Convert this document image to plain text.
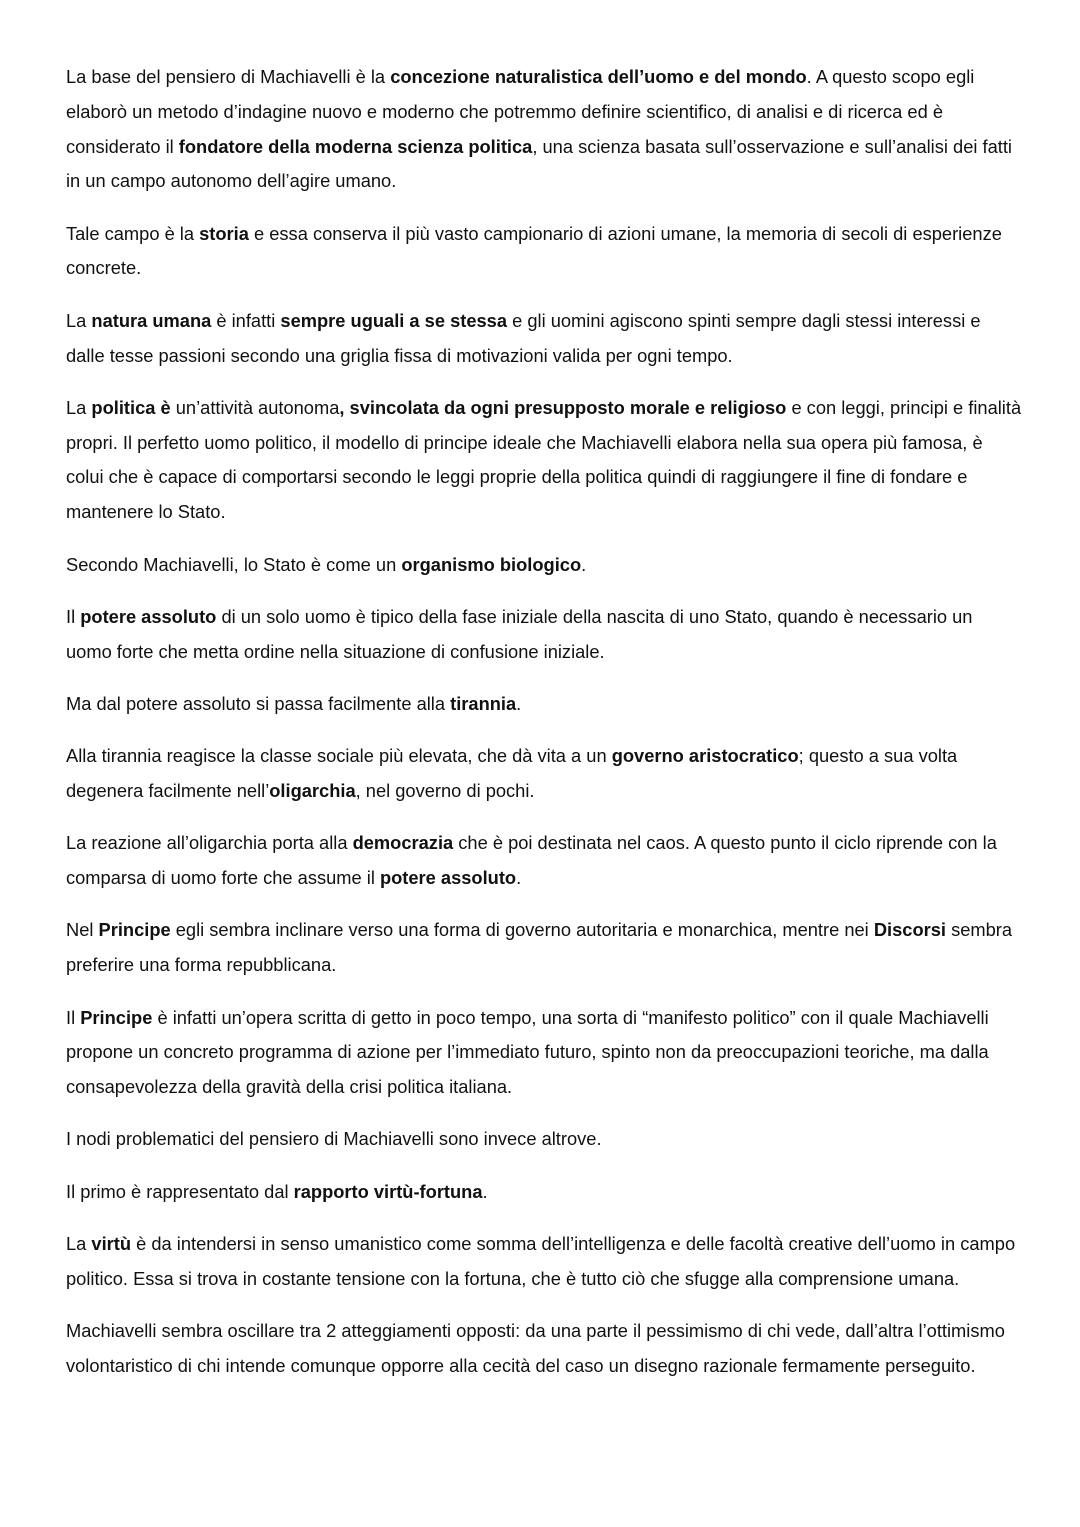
La base del pensiero di Machiavelli è la concezione naturalistica dell’uomo e del mondo. A questo scopo egli elaborò un metodo d’indagine nuovo e moderno che potremmo definire scientifico, di analisi e di ricerca ed è considerato il fondatore della moderna scienza politica, una scienza basata sull’osservazione e sull’analisi dei fatti in un campo autonomo dell’agire umano.

Tale campo è la storia e essa conserva il più vasto campionario di azioni umane, la memoria di secoli di esperienze concrete.

La natura umana è infatti sempre uguali a se stessa e gli uomini agiscono spinti sempre dagli stessi interessi e dalle tesse passioni secondo una griglia fissa di motivazioni valida per ogni tempo.

La politica è un’attività autonoma, svincolata da ogni presupposto morale e religioso e con leggi, principi e finalità propri. Il perfetto uomo politico, il modello di principe ideale che Machiavelli elabora nella sua opera più famosa, è colui che è capace di comportarsi secondo le leggi proprie della politica quindi di raggiungere il fine di fondare e mantenere lo Stato.

Secondo Machiavelli, lo Stato è come un organismo biologico.

Il potere assoluto di un solo uomo è tipico della fase iniziale della nascita di uno Stato, quando è necessario un uomo forte che metta ordine nella situazione di confusione iniziale.

Ma dal potere assoluto si passa facilmente alla tirannia.

Alla tirannia reagisce la classe sociale più elevata, che dà vita a un governo aristocratico; questo a sua volta degenera facilmente nell’oligarchia, nel governo di pochi.

La reazione all’oligarchia porta alla democrazia che è poi destinata nel caos. A questo punto il ciclo riprende con la comparsa di uomo forte che assume il potere assoluto.

Nel Principe egli sembra inclinare verso una forma di governo autoritaria e monarchica, mentre nei Discorsi sembra preferire una forma repubblicana.

Il Principe è infatti un’opera scritta di getto in poco tempo, una sorta di “manifesto politico” con il quale Machiavelli propone un concreto programma di azione per l’immediato futuro, spinto non da preoccupazioni teoriche, ma dalla consapevolezza della gravità della crisi politica italiana.

I nodi problematici del pensiero di Machiavelli sono invece altrove.

Il primo è rappresentato dal rapporto virtù-fortuna.

La virtù è da intendersi in senso umanistico come somma dell’intelligenza e delle facoltà creative dell’uomo in campo politico. Essa si trova in costante tensione con la fortuna, che è tutto ciò che sfugge alla comprensione umana.

Machiavelli sembra oscillare tra 2 atteggiamenti opposti: da una parte il pessimismo di chi vede, dall’altra l’ottimismo volontaristico di chi intende comunque opporre alla cecità del caso un disegno razionale fermamente perseguito.
